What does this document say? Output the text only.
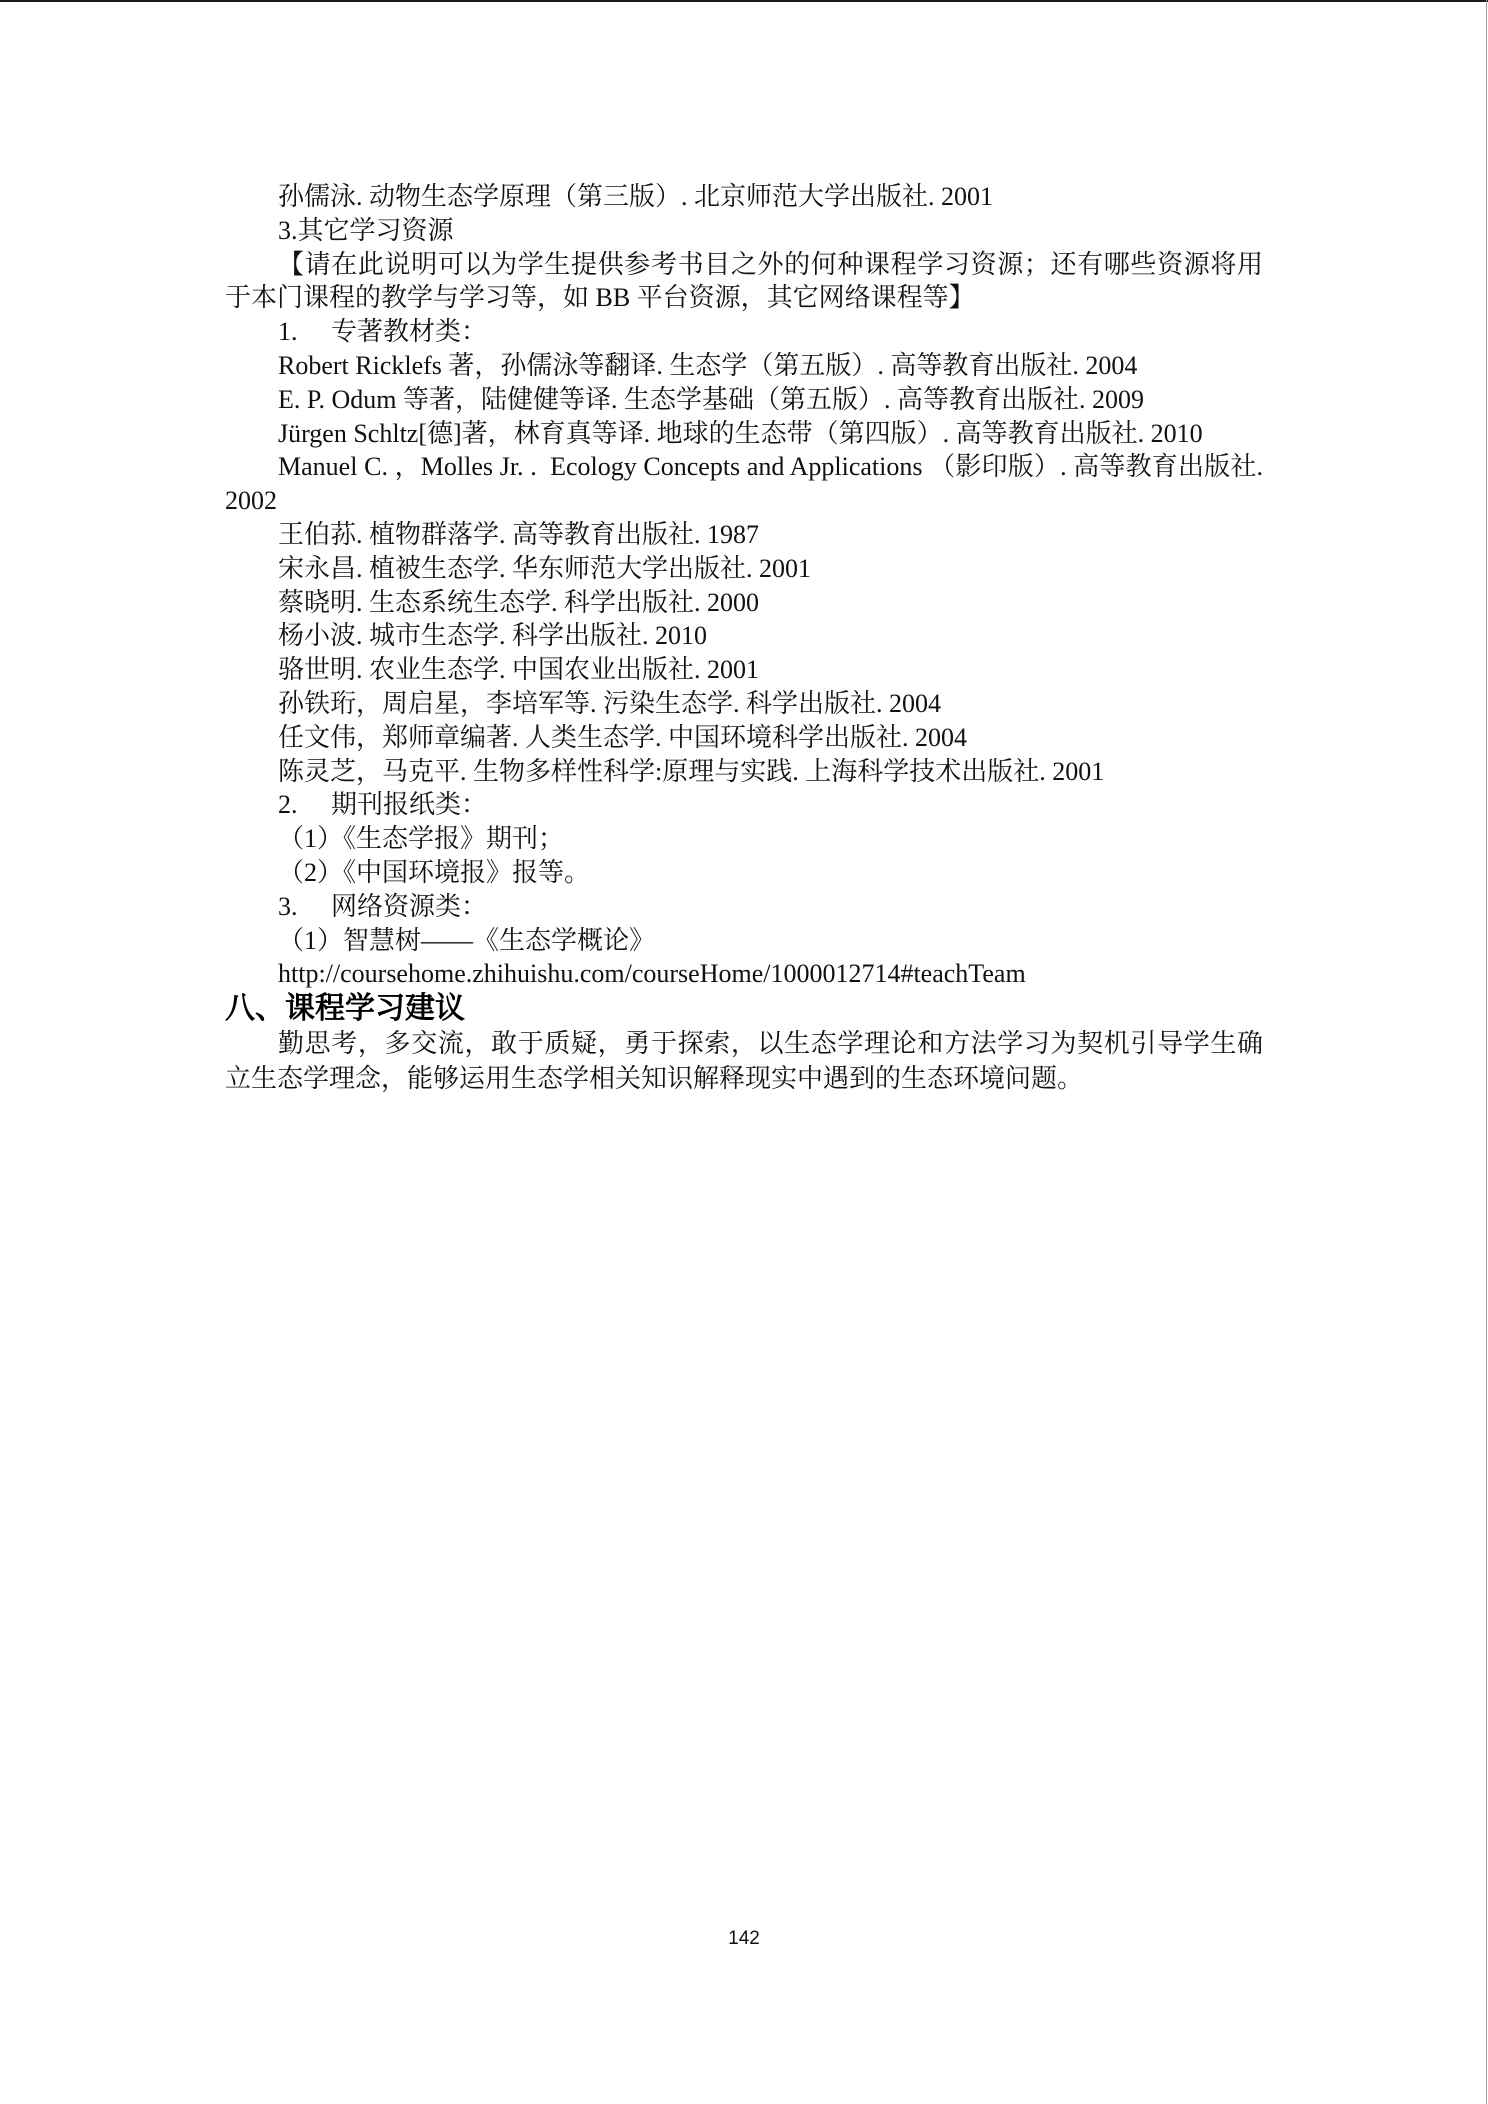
孙儒泳. 动物生态学原理（第三版）. 北京师范大学出版社. 2001
3.其它学习资源
【请在此说明可以为学生提供参考书目之外的何种课程学习资源；还有哪些资源将用
于本门课程的教学与学习等，如 BB 平台资源，其它网络课程等】
1. 专著教材类：
Robert Ricklefs 著，孙儒泳等翻译. 生态学（第五版）. 高等教育出版社. 2004
E. P. Odum 等著，陆健健等译. 生态学基础（第五版）. 高等教育出版社. 2009
Jürgen Schltz[德]著，林育真等译. 地球的生态带（第四版）. 高等教育出版社. 2010
Manuel C. ，Molles Jr. .  Ecology Concepts and Applications （影印版）. 高等教育出版社.
2002
王伯荪. 植物群落学. 高等教育出版社. 1987
宋永昌. 植被生态学. 华东师范大学出版社. 2001
蔡晓明. 生态系统生态学. 科学出版社. 2000
杨小波. 城市生态学. 科学出版社. 2010
骆世明. 农业生态学. 中国农业出版社. 2001
孙铁珩，周启星，李培军等. 污染生态学. 科学出版社. 2004
任文伟，郑师章编著. 人类生态学. 中国环境科学出版社. 2004
陈灵芝，马克平. 生物多样性科学:原理与实践. 上海科学技术出版社. 2001
2. 期刊报纸类：
（1）《生态学报》期刊；
（2）《中国环境报》报等。
3. 网络资源类：
（1）智慧树——《生态学概论》
http://coursehome.zhihuishu.com/courseHome/1000012714#teachTeam
八、课程学习建议
勤思考，多交流，敢于质疑，勇于探索，以生态学理论和方法学习为契机引导学生确
立生态学理念，能够运用生态学相关知识解释现实中遇到的生态环境问题。
142
